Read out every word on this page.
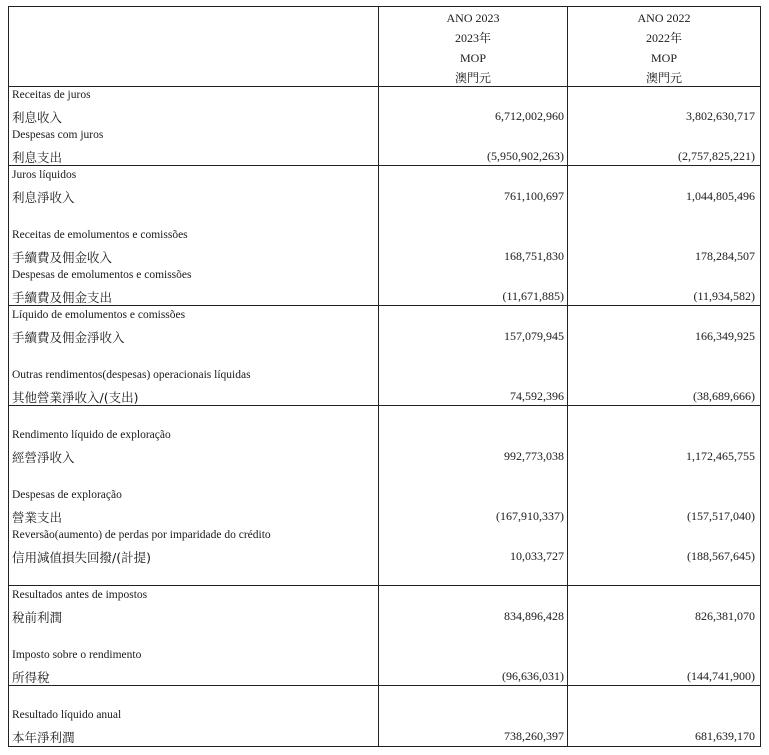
ANO 2023
2023年
MOP
澳門元
ANO 2022
2022年
MOP
澳門元
Receitas de juros
利息收入	6,712,002,960	3,802,630,717
Despesas com juros
利息支出	(5,950,902,263)	(2,757,825,221)
Juros líquidos
利息淨收入	761,100,697	1,044,805,496
Receitas de emolumentos e comissões
手續費及佣金收入	168,751,830	178,284,507
Despesas de emolumentos e comissões
手續費及佣金支出	(11,671,885)	(11,934,582)
Líquido de emolumentos e comissões
手續費及佣金淨收入	157,079,945	166,349,925
Outras rendimentos(despesas) operacionais líquidas
其他營業淨收入/(支出)	74,592,396	(38,689,666)
Rendimento líquido de exploração
經營淨收入	992,773,038	1,172,465,755
Despesas de exploração
營業支出	(167,910,337)	(157,517,040)
Reversão(aumento) de perdas por imparidade do crédito
信用減值損失回撥/(計提)	10,033,727	(188,567,645)
Resultados antes de impostos
稅前利潤	834,896,428	826,381,070
Imposto sobre o rendimento
所得稅	(96,636,031)	(144,741,900)
Resultado líquido anual
本年淨利潤	738,260,397	681,639,170
